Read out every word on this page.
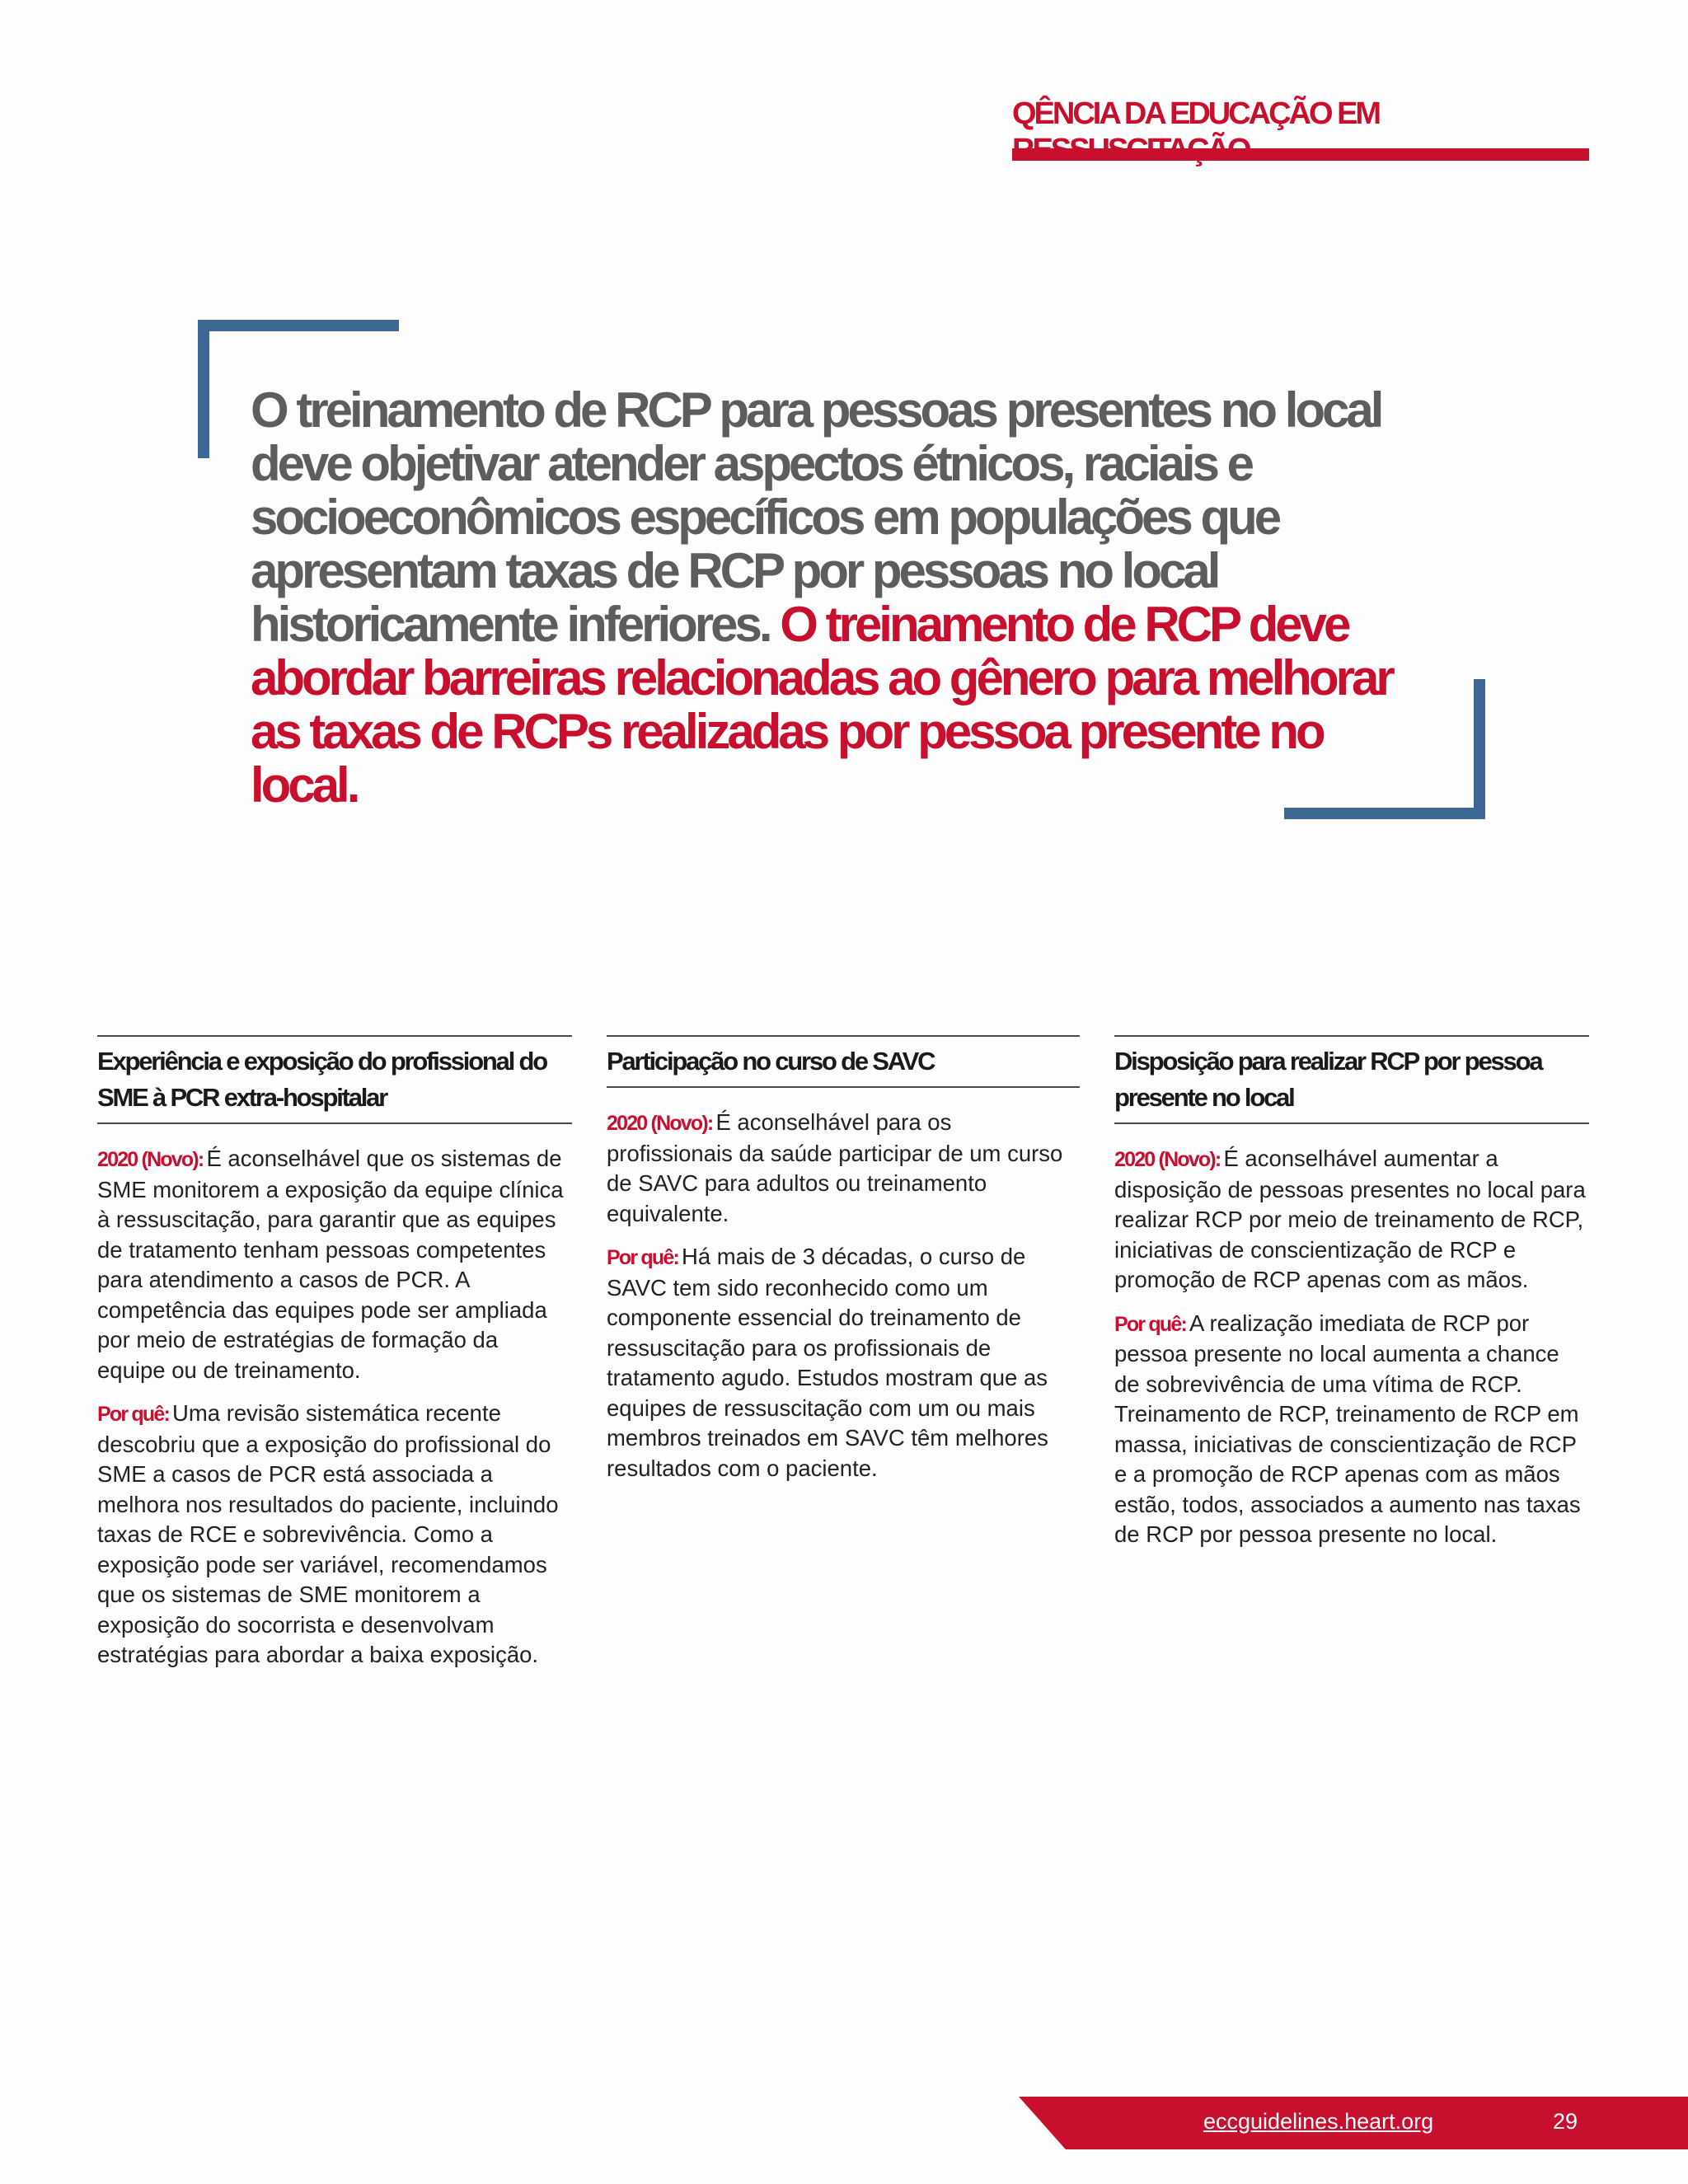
QÊNCIA DA EDUCAÇÃO EM
O treinamento de RCP para pessoas presentes no local deve objetivar atender aspectos étnicos, raciais e socioeconômicos específicos em populações que apresentam taxas de RCP por pessoas no local historicamente inferiores. O treinamento de RCP deve abordar barreiras relacionadas ao gênero para melhorar as taxas de RCPs realizadas por pessoa presente no local.
Experiência e exposição do profissional do SME à PCR extra-hospitalar

2020 (Novo): É aconselhável que os sistemas de SME monitorem a exposição da equipe clínica à ressuscitação, para garantir que as equipes de tratamento tenham pessoas competentes para atendimento a casos de PCR. A competência das equipes pode ser ampliada por meio de estratégias de formação da equipe ou de treinamento.

Por quê: Uma revisão sistemática recente descobriu que a exposição do profissional do SME a casos de PCR está associada a melhora nos resultados do paciente, incluindo taxas de RCE e sobrevivência. Como a exposição pode ser variável, recomendamos que os sistemas de SME monitorem a exposição do socorrista e desenvolvam estratégias para abordar a baixa exposição.

Participação no curso de SAVC

2020 (Novo): É aconselhável para os profissionais da saúde participar de um curso de SAVC para adultos ou treinamento equivalente.

Por quê: Há mais de 3 décadas, o curso de SAVC tem sido reconhecido como um componente essencial do treinamento de ressuscitação para os profissionais de tratamento agudo. Estudos mostram que as equipes de ressuscitação com um ou mais membros treinados em SAVC têm melhores resultados com o paciente.

Disposição para realizar RCP por pessoa presente no local

2020 (Novo): É aconselhável aumentar a disposição de pessoas presentes no local para realizar RCP por meio de treinamento de RCP, iniciativas de conscientização de RCP e promoção de RCP apenas com as mãos.

Por quê: A realização imediata de RCP por pessoa presente no local aumenta a chance de sobrevivência de uma vítima de RCP. Treinamento de RCP, treinamento de RCP em massa, iniciativas de conscientização de RCP e a promoção de RCP apenas com as mãos estão, todos, associados a aumento nas taxas de RCP por pessoa presente no local.

eccguidelines.heart.org	29
